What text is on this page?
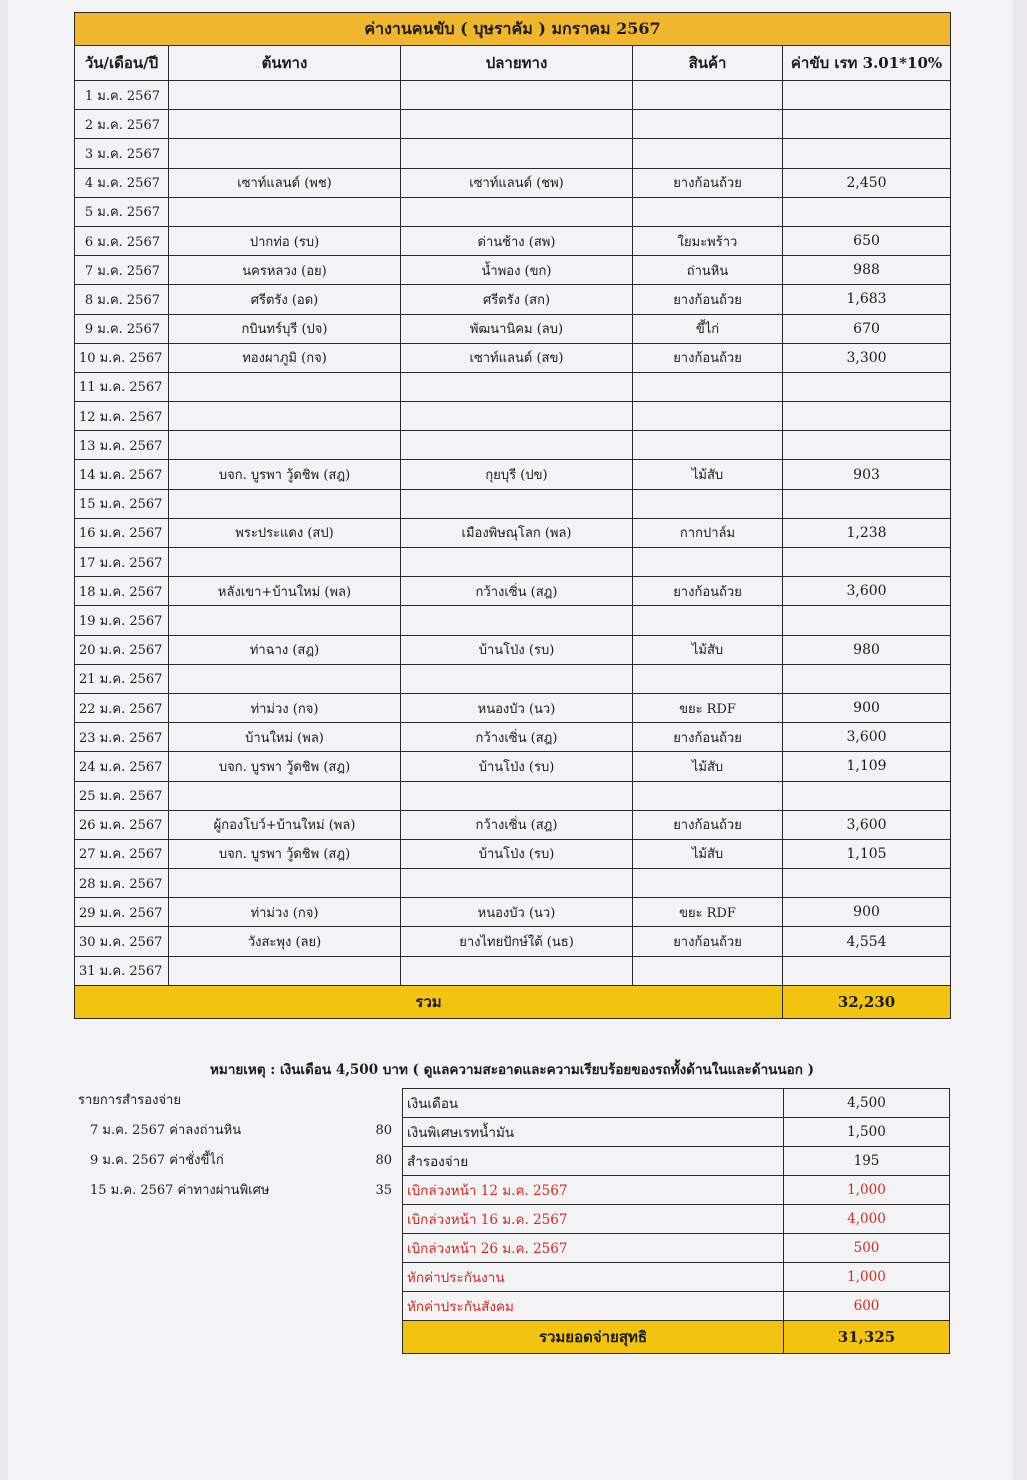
ค่างานคนขับ ( บุษราคัม ) มกราคม 2567				
วัน/เดือน/ปี	ต้นทาง	ปลายทาง	สินค้า	ค่าขับ เรท 3.01*10%
1 ม.ค. 2567				
2 ม.ค. 2567				
3 ม.ค. 2567				
4 ม.ค. 2567	เซาท์แลนด์ (พช)	เซาท์แลนด์ (ชพ)	ยางก้อนถ้วย	2,450
5 ม.ค. 2567				
6 ม.ค. 2567	ปากท่อ (รบ)	ด่านช้าง (สพ)	ใยมะพร้าว	650
7 ม.ค. 2567	นครหลวง (อย)	น้ำพอง (ขก)	ถ่านหิน	988
8 ม.ค. 2567	ศรีตรัง (อด)	ศรีตรัง (สก)	ยางก้อนถ้วย	1,683
9 ม.ค. 2567	กบินทร์บุรี (ปจ)	พัฒนานิคม (ลบ)	ขี้ไก่	670
10 ม.ค. 2567	ทองผาภูมิ (กจ)	เซาท์แลนด์ (สข)	ยางก้อนถ้วย	3,300
11 ม.ค. 2567				
12 ม.ค. 2567				
13 ม.ค. 2567				
14 ม.ค. 2567	บจก. บูรพา วู้ดชิพ (สฎ)	กุยบุรี (ปข)	ไม้สับ	903
15 ม.ค. 2567				
16 ม.ค. 2567	พระประแดง (สป)	เมืองพิษณุโลก (พล)	กากปาล์ม	1,238
17 ม.ค. 2567				
18 ม.ค. 2567	หลังเขา+บ้านใหม่ (พล)	กว้างเซิ่น (สฎ)	ยางก้อนถ้วย	3,600
19 ม.ค. 2567				
20 ม.ค. 2567	ท่าฉาง (สฎ)	บ้านโป่ง (รบ)	ไม้สับ	980
21 ม.ค. 2567				
22 ม.ค. 2567	ท่าม่วง (กจ)	หนองบัว (นว)	ขยะ RDF	900
23 ม.ค. 2567	บ้านใหม่ (พล)	กว้างเซิ่น (สฎ)	ยางก้อนถ้วย	3,600
24 ม.ค. 2567	บจก. บูรพา วู้ดชิพ (สฎ)	บ้านโป่ง (รบ)	ไม้สับ	1,109
25 ม.ค. 2567				
26 ม.ค. 2567	ผู้กองโบว์+บ้านใหม่ (พล)	กว้างเซิ่น (สฎ)	ยางก้อนถ้วย	3,600
27 ม.ค. 2567	บจก. บูรพา วู้ดชิพ (สฎ)	บ้านโป่ง (รบ)	ไม้สับ	1,105
28 ม.ค. 2567				
29 ม.ค. 2567	ท่าม่วง (กจ)	หนองบัว (นว)	ขยะ RDF	900
30 ม.ค. 2567	วังสะพุง (ลย)	ยางไทยปักษ์ใต้ (นธ)	ยางก้อนถ้วย	4,554
31 ม.ค. 2567				
รวม				32,230
หมายเหตุ : เงินเดือน 4,500 บาท ( ดูแลความสะอาดและความเรียบร้อยของรถทั้งด้านในและด้านนอก )
รายการสำรองจ่าย
7 ม.ค. 2567 ค่าลงถ่านหิน	80
9 ม.ค. 2567 ค่าชั่งขี้ไก่	80
15 ม.ค. 2567 ค่าทางผ่านพิเศษ	35
เงินเดือน	4,500
เงินพิเศษเรทน้ำมัน	1,500
สำรองจ่าย	195
เบิกล่วงหน้า 12 ม.ค. 2567	1,000
เบิกล่วงหน้า 16 ม.ค. 2567	4,000
เบิกล่วงหน้า 26 ม.ค. 2567	500
หักค่าประกันงาน	1,000
หักค่าประกันสังคม	600
รวมยอดจ่ายสุทธิ	31,325
